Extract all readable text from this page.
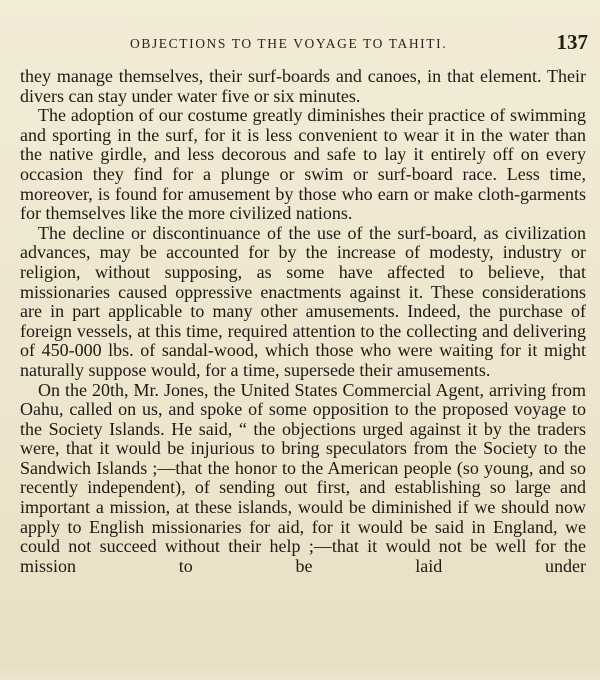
OBJECTIONS TO THE VOYAGE TO TAHITI.	137

they manage themselves, their surf-boards and canoes, in that element. Their divers can stay under water five or six minutes.

The adoption of our costume greatly diminishes their practice of swimming and sporting in the surf, for it is less convenient to wear it in the water than the native girdle, and less decorous and safe to lay it entirely off on every occasion they find for a plunge or swim or surf-board race. Less time, moreover, is found for amusement by those who earn or make cloth-garments for themselves like the more civilized nations.

The decline or discontinuance of the use of the surf-board, as civilization advances, may be accounted for by the increase of modesty, industry or religion, without supposing, as some have affected to believe, that missionaries caused oppressive enactments against it. These considerations are in part applicable to many other amusements. Indeed, the purchase of foreign vessels, at this time, required attention to the collecting and delivering of 450-000 lbs. of sandal-wood, which those who were waiting for it might naturally suppose would, for a time, supersede their amusements.

On the 20th, Mr. Jones, the United States Commercial Agent, arriving from Oahu, called on us, and spoke of some opposition to the proposed voyage to the Society Islands. He said, “ the objections urged against it by the traders were, that it would be injurious to bring speculators from the Society to the Sandwich Islands ;—that the honor to the American people (so young, and so recently independent), of sending out first, and establishing so large and important a mission, at these islands, would be diminished if we should now apply to English missionaries for aid, for it would be said in England, we could not succeed without their help ;—that it would not be well for the mission to be laid under
